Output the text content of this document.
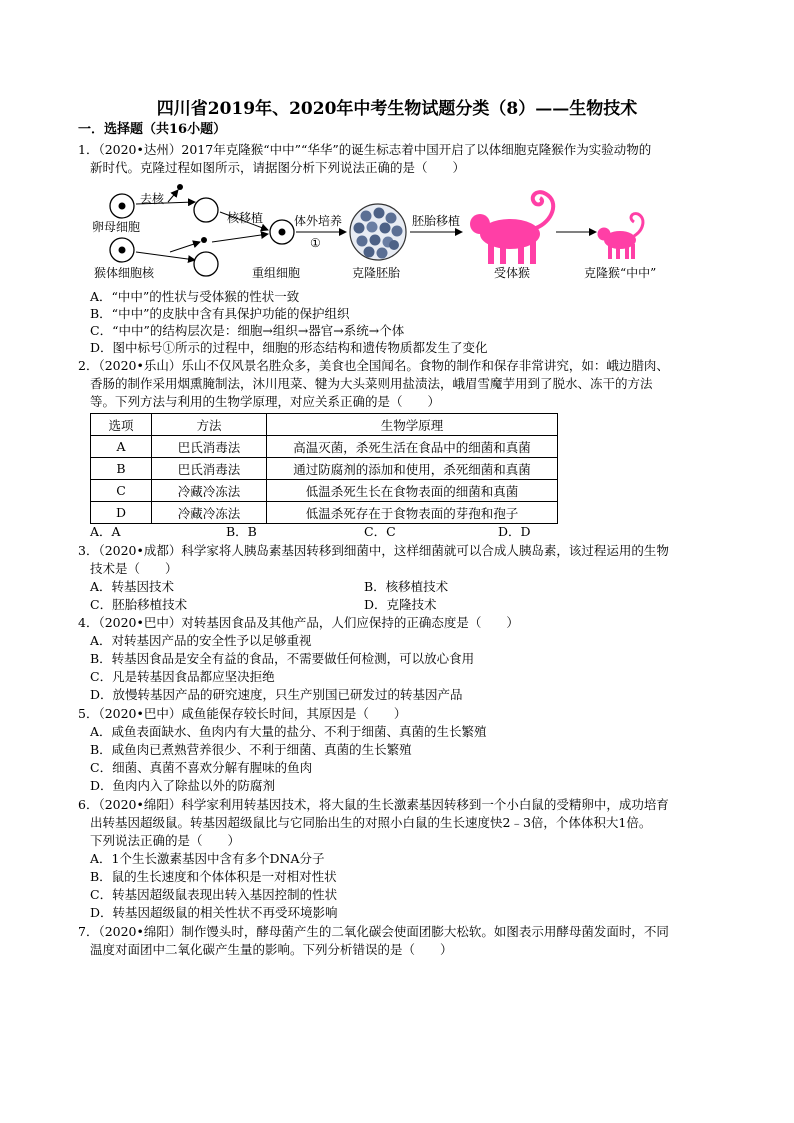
四川省2019年、2020年中考生物试题分类（8）——生物技术
一．选择题（共16小题）
1．（2020•达州）2017年克隆猴“中中”“华华”的诞生标志着中国开启了以体细胞克隆猴作为实验动物的
新时代。克隆过程如图所示，请据图分析下列说法正确的是（　　）
去核
卵母细胞
猴体细胞核
核移植
重组细胞
体外培养
①
克隆胚胎
胚胎移植
受体猴	克隆猴“中中”
A．“中中”的性状与受体猴的性状一致
B．“中中”的皮肤中含有具保护功能的保护组织
C．“中中”的结构层次是：细胞→组织→器官→系统→个体
D．图中标号①所示的过程中，细胞的形态结构和遗传物质都发生了变化
2．（2020•乐山）乐山不仅风景名胜众多，美食也全国闻名。食物的制作和保存非常讲究，如：峨边腊肉、
香肠的制作采用烟熏腌制法，沐川甩菜、犍为大头菜则用盐渍法，峨眉雪魔芋用到了脱水、冻干的方法
等。下列方法与利用的生物学原理，对应关系正确的是（　　）
选项	方法	生物学原理
A	巴氏消毒法	高温灭菌，杀死生活在食品中的细菌和真菌
B	巴氏消毒法	通过防腐剂的添加和使用，杀死细菌和真菌
C	冷藏冷冻法	低温杀死生长在食物表面的细菌和真菌
D	冷藏冷冻法	低温杀死存在于食物表面的芽孢和孢子
A．A	B．B	C．C	D．D
3．（2020•成都）科学家将人胰岛素基因转移到细菌中，这样细菌就可以合成人胰岛素，该过程运用的生物
技术是（　　）
A．转基因技术	B．核移植技术
C．胚胎移植技术	D．克隆技术
4．（2020•巴中）对转基因食品及其他产品，人们应保持的正确态度是（　　）
A．对转基因产品的安全性予以足够重视
B．转基因食品是安全有益的食品，不需要做任何检测，可以放心食用
C．凡是转基因食品都应坚决拒绝
D．放慢转基因产品的研究速度，只生产别国已研发过的转基因产品
5．（2020•巴中）咸鱼能保存较长时间，其原因是（　　）
A．咸鱼表面缺水、鱼肉内有大量的盐分、不利于细菌、真菌的生长繁殖
B．咸鱼肉已煮熟营养很少、不利于细菌、真菌的生长繁殖
C．细菌、真菌不喜欢分解有腥味的鱼肉
D．鱼肉内入了除盐以外的防腐剂
6．（2020•绵阳）科学家利用转基因技术，将大鼠的生长激素基因转移到一个小白鼠的受精卵中，成功培育
出转基因超级鼠。转基因超级鼠比与它同胎出生的对照小白鼠的生长速度快2﹣3倍，个体体积大1倍。
下列说法正确的是（　　）
A．1个生长激素基因中含有多个DNA分子
B．鼠的生长速度和个体体积是一对相对性状
C．转基因超级鼠表现出转入基因控制的性状
D．转基因超级鼠的相关性状不再受环境影响
7．（2020•绵阳）制作馒头时，酵母菌产生的二氧化碳会使面团膨大松软。如图表示用酵母菌发面时，不同
温度对面团中二氧化碳产生量的影响。下列分析错误的是（　　）
